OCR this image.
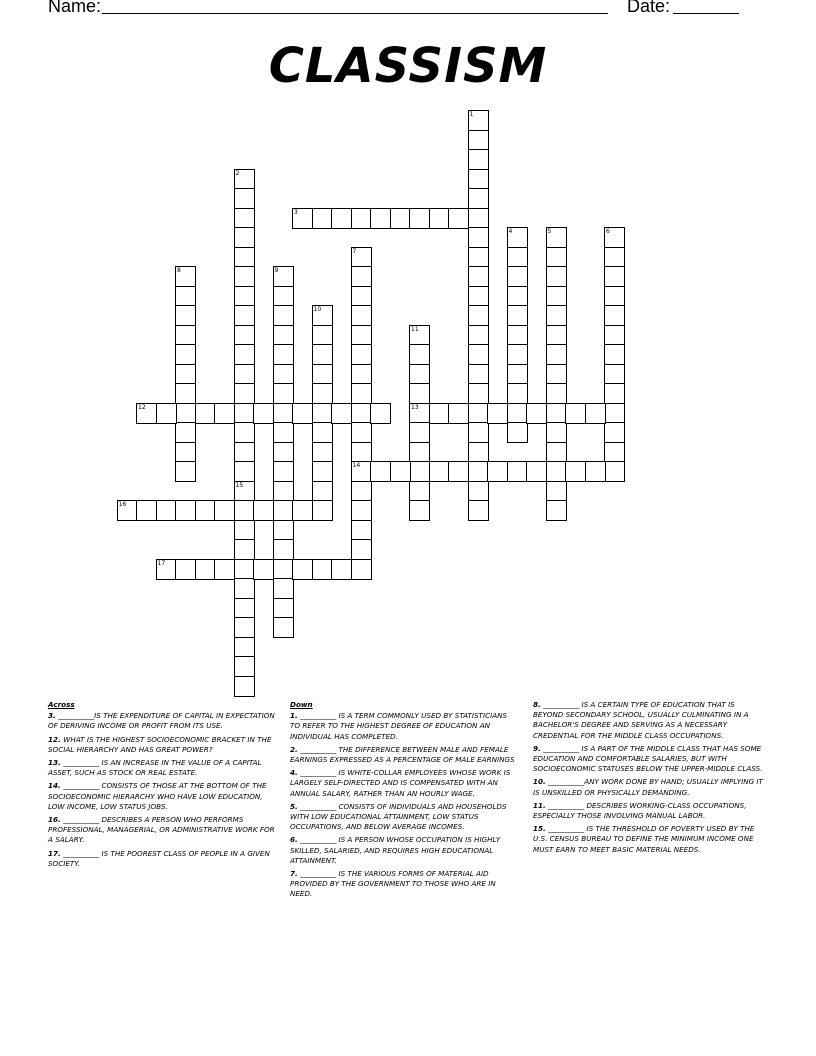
Name:	Date:
CLASSISM
1
2
15
3
4	5	6
7
14
8	9
10
11
13
12
16
17
Across
3. __________IS THE EXPENDITURE OF CAPITAL IN EXPECTATION OF DERIVING INCOME OR PROFIT FROM ITS USE.
12. WHAT IS THE HIGHEST SOCIOECONOMIC BRACKET IN THE SOCIAL HIERARCHY AND HAS GREAT POWER?
13. __________ IS AN INCREASE IN THE VALUE OF A CAPITAL ASSET, SUCH AS STOCK OR REAL ESTATE.
14. __________ CONSISTS OF THOSE AT THE BOTTOM OF THE SOCIOECONOMIC HIERARCHY WHO HAVE LOW EDUCATION, LOW INCOME, LOW STATUS JOBS.
16. __________ DESCRIBES A PERSON WHO PERFORMS PROFESSIONAL, MANAGERIAL, OR ADMINISTRATIVE WORK FOR A SALARY.
17. __________ IS THE POOREST CLASS OF PEOPLE IN A GIVEN SOCIETY.
Down
1. __________ IS A TERM COMMONLY USED BY STATISTICIANS TO REFER TO THE HIGHEST DEGREE OF EDUCATION AN INDIVIDUAL HAS COMPLETED.
2. __________ THE DIFFERENCE BETWEEN MALE AND FEMALE EARNINGS EXPRESSED AS A PERCENTAGE OF MALE EARNINGS
4. __________ IS WHITE-COLLAR EMPLOYEES WHOSE WORK IS LARGELY SELF-DIRECTED AND IS COMPENSATED WITH AN ANNUAL SALARY, RATHER THAN AN HOURLY WAGE.
5. __________ CONSISTS OF INDIVIDUALS AND HOUSEHOLDS WITH LOW EDUCATIONAL ATTAINMENT, LOW STATUS OCCUPATIONS, AND BELOW AVERAGE INCOMES.
6. __________ IS A PERSON WHOSE OCCUPATION IS HIGHLY SKILLED, SALARIED, AND REQUIRES HIGH EDUCATIONAL ATTAINMENT.
7. __________ IS THE VARIOUS FORMS OF MATERIAL AID PROVIDED BY THE GOVERNMENT TO THOSE WHO ARE IN NEED.
8. __________ IS A CERTAIN TYPE OF EDUCATION THAT IS BEYOND SECONDARY SCHOOL, USUALLY CULMINATING IN A BACHELOR'S DEGREE AND SERVING AS A NECESSARY CREDENTIAL FOR THE MIDDLE CLASS OCCUPATIONS.
9. __________ IS A PART OF THE MIDDLE CLASS THAT HAS SOME EDUCATION AND COMFORTABLE SALARIES, BUT WITH SOCIOECONOMIC STATUSES BELOW THE UPPER-MIDDLE CLASS.
10. __________ANY WORK DONE BY HAND; USUALLY IMPLYING IT IS UNSKILLED OR PHYSICALLY DEMANDING.
11. __________ DESCRIBES WORKING-CLASS OCCUPATIONS, ESPECIALLY THOSE INVOLVING MANUAL LABOR.
15. __________ IS THE THRESHOLD OF POVERTY USED BY THE U.S. CENSUS BUREAU TO DEFINE THE MINIMUM INCOME ONE MUST EARN TO MEET BASIC MATERIAL NEEDS.
